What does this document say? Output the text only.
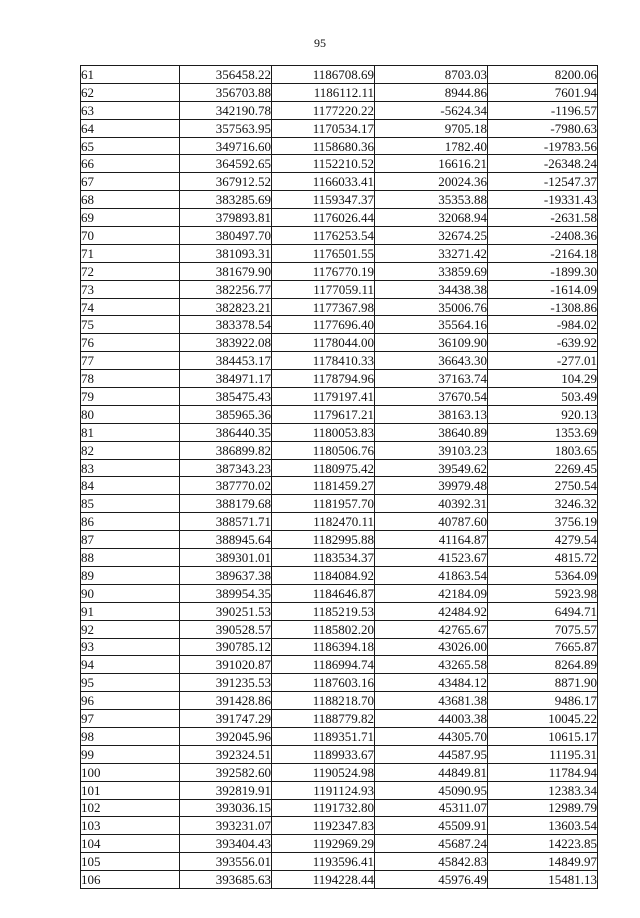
95
61	356458.22	1186708.69	8703.03	8200.06
62	356703.88	1186112.11	8944.86	7601.94
63	342190.78	1177220.22	-5624.34	-1196.57
64	357563.95	1170534.17	9705.18	-7980.63
65	349716.60	1158680.36	1782.40	-19783.56
66	364592.65	1152210.52	16616.21	-26348.24
67	367912.52	1166033.41	20024.36	-12547.37
68	383285.69	1159347.37	35353.88	-19331.43
69	379893.81	1176026.44	32068.94	-2631.58
70	380497.70	1176253.54	32674.25	-2408.36
71	381093.31	1176501.55	33271.42	-2164.18
72	381679.90	1176770.19	33859.69	-1899.30
73	382256.77	1177059.11	34438.38	-1614.09
74	382823.21	1177367.98	35006.76	-1308.86
75	383378.54	1177696.40	35564.16	-984.02
76	383922.08	1178044.00	36109.90	-639.92
77	384453.17	1178410.33	36643.30	-277.01
78	384971.17	1178794.96	37163.74	104.29
79	385475.43	1179197.41	37670.54	503.49
80	385965.36	1179617.21	38163.13	920.13
81	386440.35	1180053.83	38640.89	1353.69
82	386899.82	1180506.76	39103.23	1803.65
83	387343.23	1180975.42	39549.62	2269.45
84	387770.02	1181459.27	39979.48	2750.54
85	388179.68	1181957.70	40392.31	3246.32
86	388571.71	1182470.11	40787.60	3756.19
87	388945.64	1182995.88	41164.87	4279.54
88	389301.01	1183534.37	41523.67	4815.72
89	389637.38	1184084.92	41863.54	5364.09
90	389954.35	1184646.87	42184.09	5923.98
91	390251.53	1185219.53	42484.92	6494.71
92	390528.57	1185802.20	42765.67	7075.57
93	390785.12	1186394.18	43026.00	7665.87
94	391020.87	1186994.74	43265.58	8264.89
95	391235.53	1187603.16	43484.12	8871.90
96	391428.86	1188218.70	43681.38	9486.17
97	391747.29	1188779.82	44003.38	10045.22
98	392045.96	1189351.71	44305.70	10615.17
99	392324.51	1189933.67	44587.95	11195.31
100	392582.60	1190524.98	44849.81	11784.94
101	392819.91	1191124.93	45090.95	12383.34
102	393036.15	1191732.80	45311.07	12989.79
103	393231.07	1192347.83	45509.91	13603.54
104	393404.43	1192969.29	45687.24	14223.85
105	393556.01	1193596.41	45842.83	14849.97
106	393685.63	1194228.44	45976.49	15481.13
